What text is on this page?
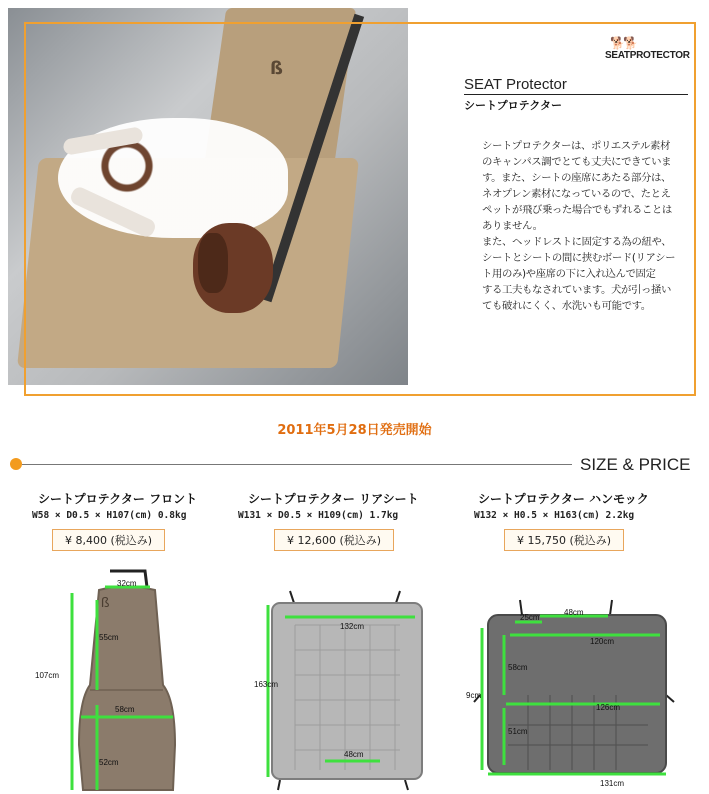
ß
🐕🐕
SEATPROTECTOR
SEAT Protector
シートプロテクター

シートプロテクターは、ポリエステル素材

のキャンパス調でとても丈夫にできていま

す。また、シートの座席にあたる部分は、

ネオプレン素材になっているので、たとえ

ペットが飛び乗った場合でもずれることは

ありません。

また、ヘッドレストに固定する為の紐や、

シートとシートの間に挟むボード(リアシー

ト用のみ)や座席の下に入れ込んで固定

する工夫もなされています。犬が引っ掻い

ても破れにくく、水洗いも可能です。

2011年5月28日発売開始
SIZE & PRICE
シートプロテクター フロント
W58 × D0.5 × H107(cm) 0.8kg
¥ 8,400 (税込み)
シートプロテクター リアシート
W131 × D0.5 × H109(cm) 1.7kg
¥ 12,600 (税込み)
シートプロテクター ハンモック
W132 × H0.5 × H163(cm) 2.2kg
¥ 15,750 (税込み)
ß
32cm
55cm
107cm
58cm
52cm
132cm
163cm
48cm
48cm
25cm
120cm
58cm
126cm
51cm
131cm
9cm
